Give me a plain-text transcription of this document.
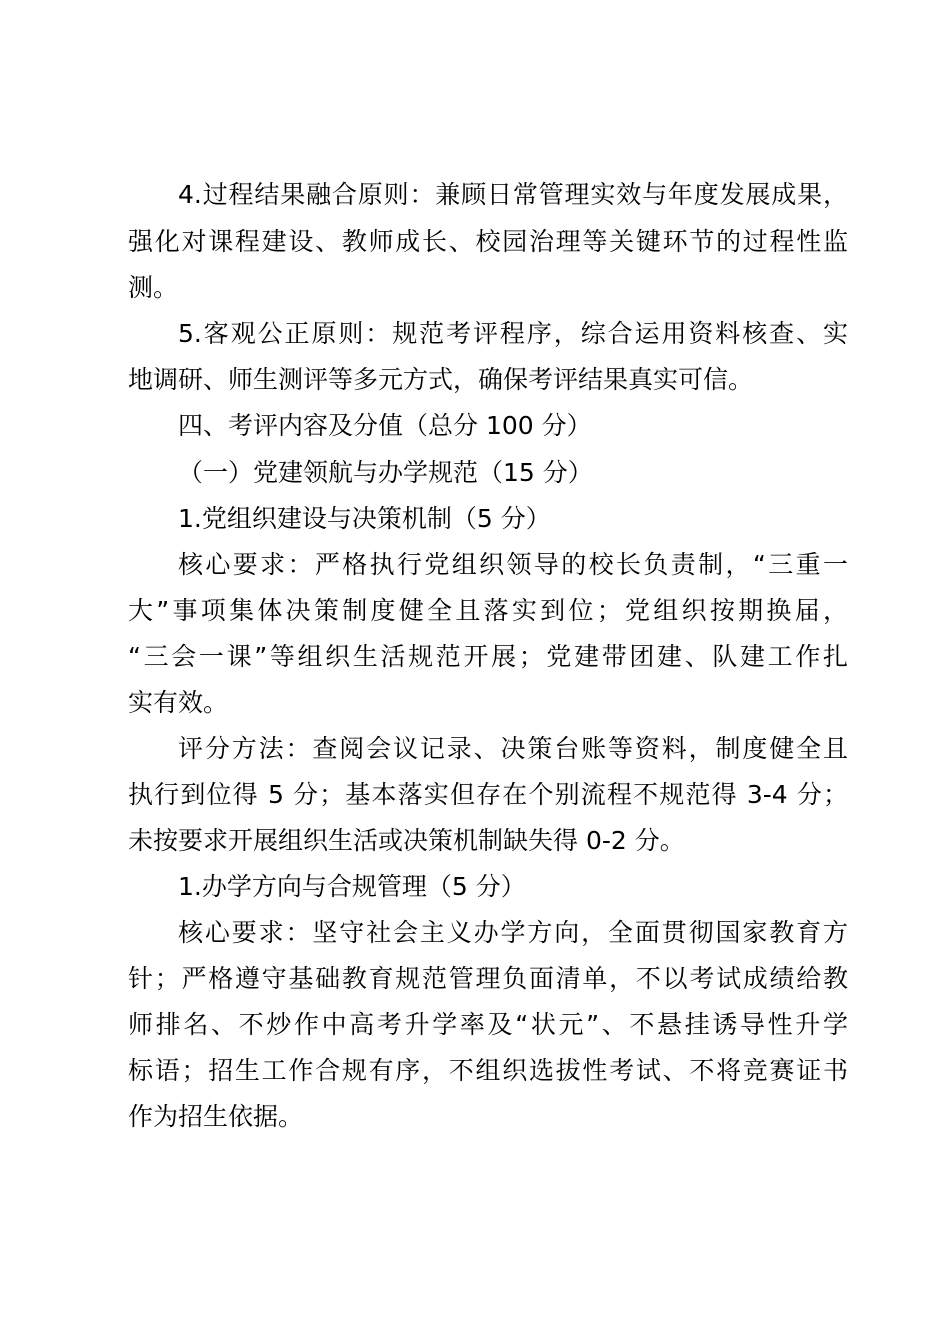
4.过程结果融合原则：兼顾日常管理实效与年度发展成果，
强化对课程建设、教师成长、校园治理等关键环节的过程性监
测。
5.客观公正原则：规范考评程序，综合运用资料核查、实
地调研、师生测评等多元方式，确保考评结果真实可信。
四、考评内容及分值（总分 100 分）
（一）党建领航与办学规范（15 分）
1.党组织建设与决策机制（5 分）
核心要求：严格执行党组织领导的校长负责制，“三重一
大”事项集体决策制度健全且落实到位；党组织按期换届，
“三会一课”等组织生活规范开展；党建带团建、队建工作扎
实有效。
评分方法：查阅会议记录、决策台账等资料，制度健全且
执行到位得 5 分；基本落实但存在个别流程不规范得 3-4 分；
未按要求开展组织生活或决策机制缺失得 0-2 分。
1.办学方向与合规管理（5 分）
核心要求：坚守社会主义办学方向，全面贯彻国家教育方
针；严格遵守基础教育规范管理负面清单，不以考试成绩给教
师排名、不炒作中高考升学率及“状元”、不悬挂诱导性升学
标语；招生工作合规有序，不组织选拔性考试、不将竞赛证书
作为招生依据。
